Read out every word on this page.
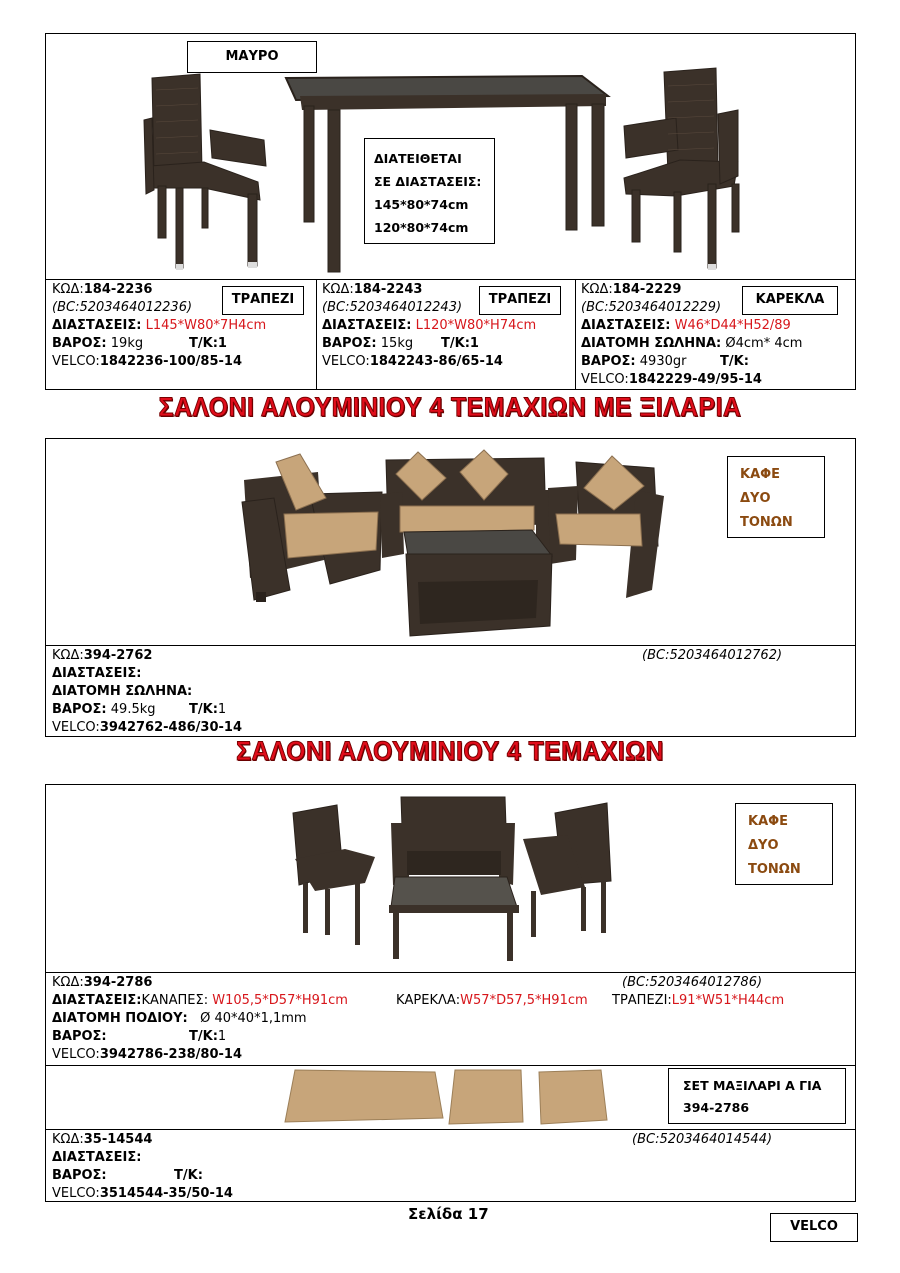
ΜΑΥΡΟ
ΔΙΑΤΕΙΘΕΤΑΙ
ΣΕ ΔΙΑΣΤΑΣΕΙΣ:
145*80*74cm
120*80*74cm
ΚΩΔ:184-2236
(BC:5203464012236)
ΤΡΑΠΕΖΙ
ΔΙΑΣΤΑΣΕΙΣ: L145*W80*7H4cm
ΒΑΡΟΣ: 19kg	Τ/Κ:1
VELCO:1842236-100/85-14
ΚΩΔ:184-2243
(BC:5203464012243)
ΤΡΑΠΕΖΙ
ΔΙΑΣΤΑΣΕΙΣ: L120*W80*H74cm
ΒΑΡΟΣ: 15kg Τ/Κ:1
VELCO:1842243-86/65-14
ΚΩΔ:184-2229
(BC:5203464012229)
ΚΑΡΕΚΛΑ
ΔΙΑΣΤΑΣΕΙΣ: W46*D44*H52/89
ΔΙΑΤΟΜΗ ΣΩΛΗΝΑ: Ø4cm* 4cm
ΒΑΡΟΣ: 4930gr	Τ/Κ:
VELCO:1842229-49/95-14
ΣΑΛΟΝΙ ΑΛΟΥΜΙΝΙΟΥ 4 ΤΕΜΑΧΙΩΝ ΜΕ ΞΙΛΑΡΙΑ
ΚΑΦΕ
ΔΥΟ
ΤΟΝΩΝ
ΚΩΔ:394-2762	(BC:5203464012762)
ΔΙΑΣΤΑΣΕΙΣ:
ΔΙΑΤΟΜΗ ΣΩΛΗΝΑ:
ΒΑΡΟΣ: 49.5kg	Τ/Κ:1
VELCO:3942762-486/30-14
ΣΑΛΟΝΙ ΑΛΟΥΜΙΝΙΟΥ 4 ΤΕΜΑΧΙΩΝ
ΚΑΦΕ
ΔΥΟ
ΤΟΝΩΝ
ΚΩΔ:394-2786	(BC:5203464012786)
ΔΙΑΣΤΑΣΕΙΣ:ΚΑΝΑΠΕΣ: W105,5*D57*H91cm	ΚΑΡΕΚΛΑ:W57*D57,5*H91cm ΤΡΑΠΕΖΙ:L91*W51*H44cm
ΔΙΑΤΟΜΗ ΠΟΔΙΟΥ: Ø 40*40*1,1mm
ΒΑΡΟΣ:	Τ/Κ:1
VELCO:3942786-238/80-14
ΣΕΤ ΜΑΞΙΛΑΡΙ Α ΓΙΑ
394-2786
ΚΩΔ:35-14544	(BC:5203464014544)
ΔΙΑΣΤΑΣΕΙΣ:
ΒΑΡΟΣ:	Τ/Κ:
VELCO:3514544-35/50-14
Σελίδα 17
VELCO
